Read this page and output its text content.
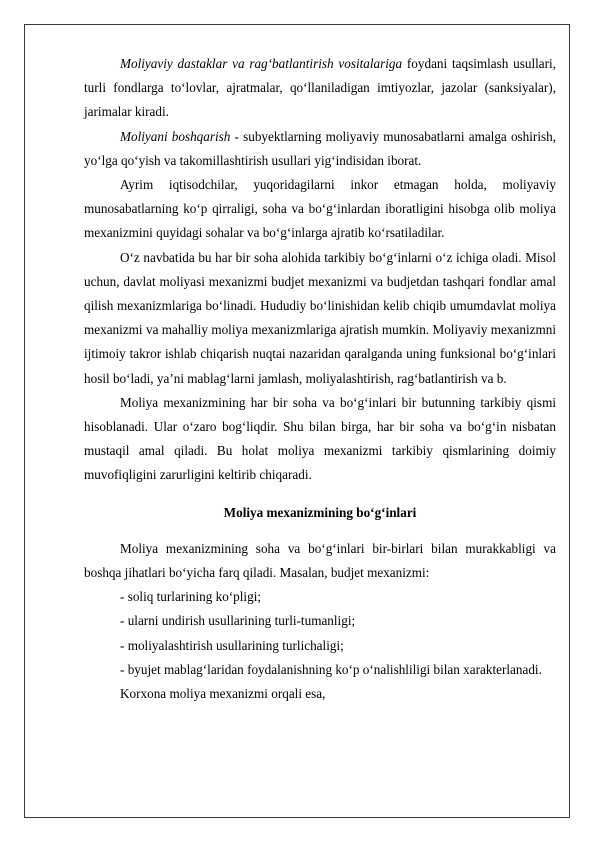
Moliyaviy dastaklar va rag‘batlantirish vositalariga foydani taqsimlash usullari, turli fondlarga to‘lovlar, ajratmalar, qo‘llaniladigan imtiyozlar, jazolar (sanksiyalar), jarimalar kiradi.

Moliyani boshqarish - subyektlarning moliyaviy munosabatlarni amalga oshirish, yo‘lga qo‘yish va takomillashtirish usullari yig‘indisidan iborat.

Ayrim iqtisodchilar, yuqoridagilarni inkor etmagan holda, moliyaviy munosabatlarning ko‘p qirraligi, soha va bo‘g‘inlardan iboratligini hisobga olib moliya mexanizmini quyidagi sohalar va bo‘g‘inlarga ajratib ko‘rsatiladilar.

O‘z navbatida bu har bir soha alohida tarkibiy bo‘g‘inlarni o‘z ichiga oladi. Misol uchun, davlat moliyasi mexanizmi budjet mexanizmi va budjetdan tashqari fondlar amal qilish mexanizmlariga bo‘linadi. Hududiy bo‘linishidan kelib chiqib umumdavlat moliya mexanizmi va mahalliy moliya mexanizmlariga ajratish mumkin. Moliyaviy mexanizmni ijtimoiy takror ishlab chiqarish nuqtai nazaridan qaralganda uning funksional bo‘g‘inlari hosil bo‘ladi, ya’ni mablag‘larni jamlash, moliyalashtirish, rag‘batlantirish va b.

Moliya mexanizmining har bir soha va bo‘g‘inlari bir butunning tarkibiy qismi hisoblanadi. Ular o‘zaro bog‘liqdir. Shu bilan birga, har bir soha va bo‘g‘in nisbatan mustaqil amal qiladi. Bu holat moliya mexanizmi tarkibiy qismlarining doimiy muvofiqligini zarurligini keltirib chiqaradi.

Moliya mexanizmining bo‘g‘inlari

Moliya mexanizmining soha va bo‘g‘inlari bir-birlari bilan murakkabligi va boshqa jihatlari bo‘yicha farq qiladi. Masalan, budjet mexanizmi:

- soliq turlarining ko‘pligi;

- ularni undirish usullarining turli-tumanligi;

- moliyalashtirish usullarining turlichaligi;

- byujet mablag‘laridan foydalanishning ko‘p o‘nalishliligi bilan xarakterlanadi.

Korxona moliya mexanizmi orqali esa,
